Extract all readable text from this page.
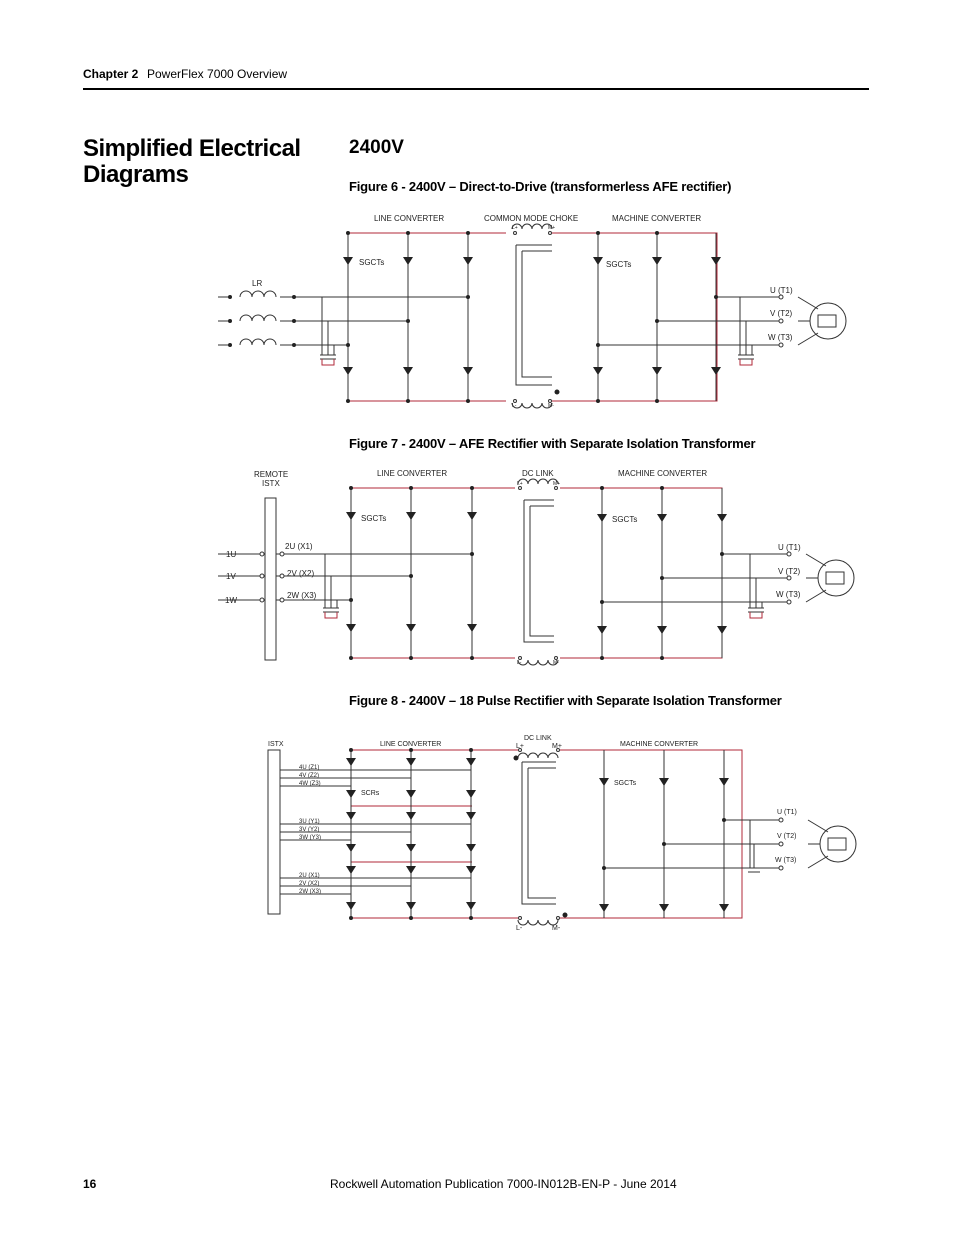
Chapter 2 PowerFlex 7000 Overview
Simplified Electrical Diagrams
2400V
Figure 6 - 2400V – Direct-to-Drive (transformerless AFE rectifier)
LINE CONVERTER	COMMON MODE CHOKE	MACHINE CONVERTER
SGCTs	SGCTs
LR
U (T1)
V (T2)
W (T3)
L+	M+
L-	M-
Figure 7 - 2400V – AFE Rectifier with Separate Isolation Transformer
REMOTE
ISTX
LINE CONVERTER	DC LINK	MACHINE CONVERTER
SGCTs	SGCTs
1U
1V
1W
2U (X1)
2V (X2)
2W (X3)
U (T1)
V (T2)
W (T3)
L+	M+
L-	M-
Figure 8 - 2400V – 18 Pulse Rectifier with Separate Isolation Transformer
ISTX	LINE CONVERTER
DC LINK
MACHINE CONVERTER
SCRs
SGCTs
4U (Z1)
4V (Z2)
4W (Z3)
3U (Y1)
3V (Y2)
3W (Y3)
2U (X1)
2V (X2)
2W (X3)
U (T1)
V (T2)
W (T3)
L+	M+
L-	M-
16	Rockwell Automation Publication 7000-IN012B-EN-P - June 2014
